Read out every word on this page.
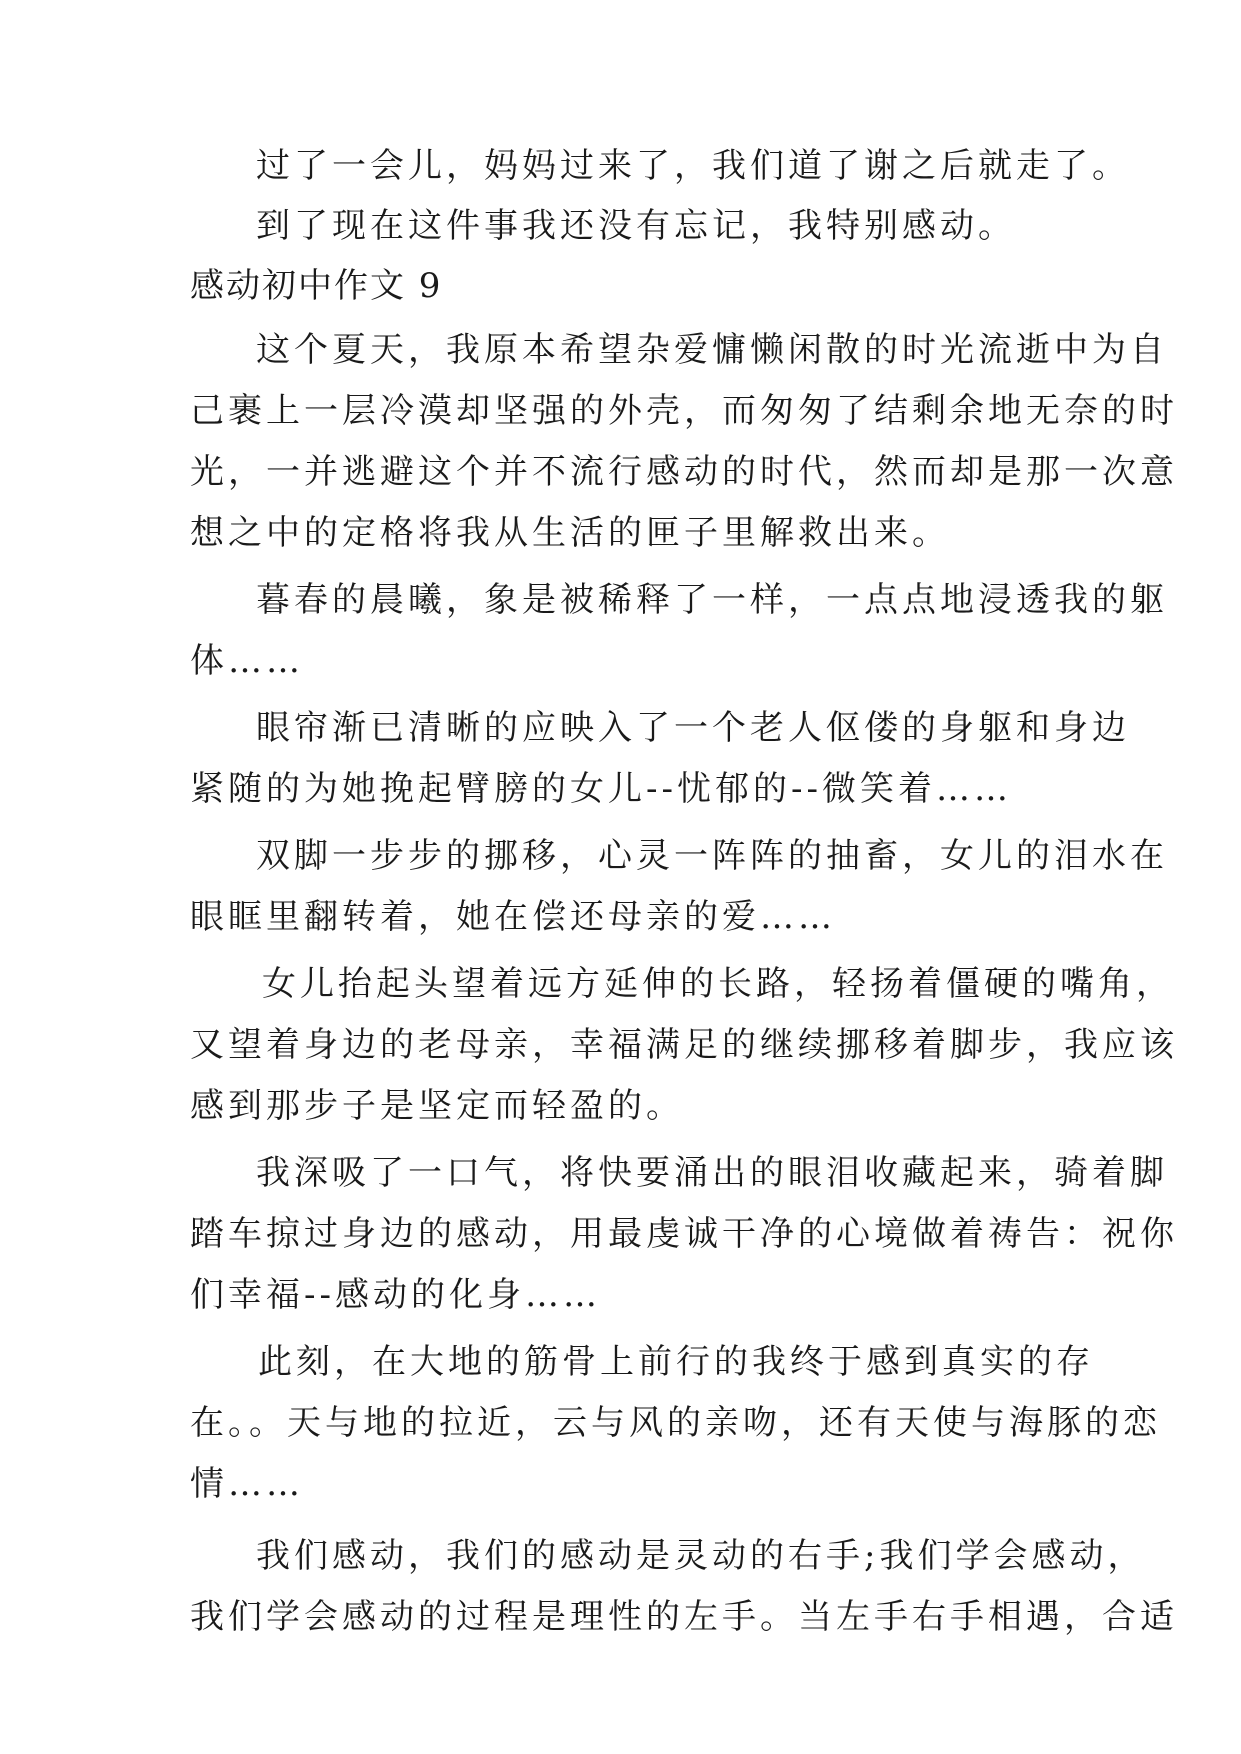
过了一会儿，妈妈过来了，我们道了谢之后就走了。
到了现在这件事我还没有忘记，我特别感动。
感动初中作文 9
这个夏天，我原本希望杂爱慵懒闲散的时光流逝中为自
己裹上一层冷漠却坚强的外壳，而匆匆了结剩余地无奈的时
光，一并逃避这个并不流行感动的时代，然而却是那一次意
想之中的定格将我从生活的匣子里解救出来。
暮春的晨曦，象是被稀释了一样，一点点地浸透我的躯
体……
眼帘渐已清晰的应映入了一个老人伛偻的身躯和身边
紧随的为她挽起臂膀的女儿--忧郁的--微笑着……
双脚一步步的挪移，心灵一阵阵的抽畜，女儿的泪水在
眼眶里翻转着，她在偿还母亲的爱……
女儿抬起头望着远方延伸的长路，轻扬着僵硬的嘴角，
又望着身边的老母亲，幸福满足的继续挪移着脚步，我应该
感到那步子是坚定而轻盈的。
我深吸了一口气，将快要涌出的眼泪收藏起来，骑着脚
踏车掠过身边的感动，用最虔诚干净的心境做着祷告：祝你
们幸福--感动的化身……
此刻，在大地的筋骨上前行的我终于感到真实的存
在。。天与地的拉近，云与风的亲吻，还有天使与海豚的恋
情……
我们感动，我们的感动是灵动的右手;我们学会感动，
我们学会感动的过程是理性的左手。当左手右手相遇，合适
